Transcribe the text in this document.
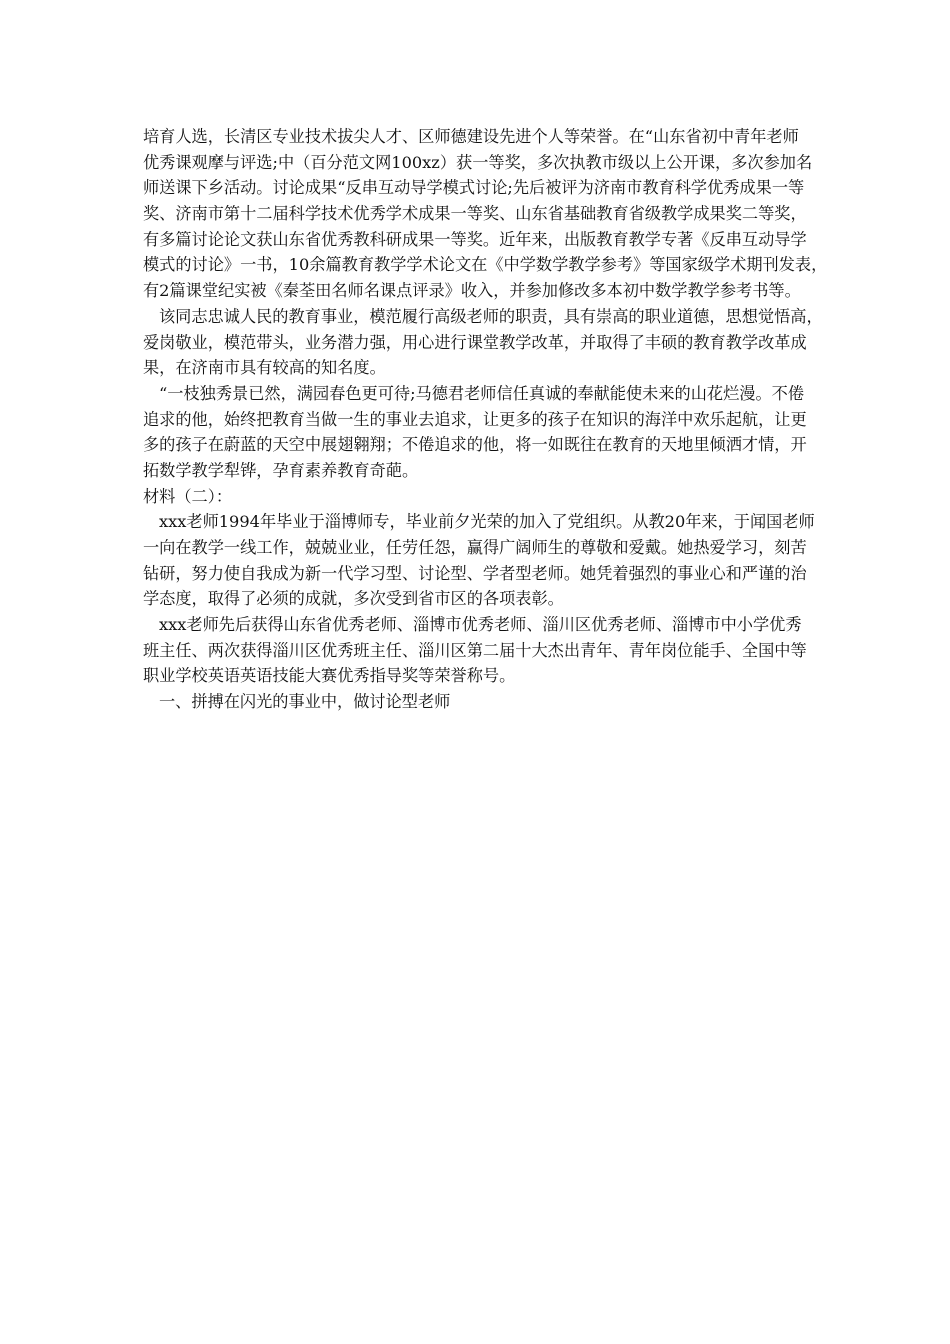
培育人选，长清区专业技术拔尖人才、区师德建设先进个人等荣誉。在“山东省初中青年老师
优秀课观摩与评选;中（百分范文网100xz）获一等奖，多次执教市级以上公开课，多次参加名
师送课下乡活动。讨论成果“反串互动导学模式讨论;先后被评为济南市教育科学优秀成果一等
奖、济南市第十二届科学技术优秀学术成果一等奖、山东省基础教育省级教学成果奖二等奖，
有多篇讨论论文获山东省优秀教科研成果一等奖。近年来，出版教育教学专著《反串互动导学
模式的讨论》一书，10余篇教育教学学术论文在《中学数学教学参考》等国家级学术期刊发表，
有2篇课堂纪实被《秦荃田名师名课点评录》收入，并参加修改多本初中数学教学参考书等。
该同志忠诚人民的教育事业，模范履行高级老师的职责，具有崇高的职业道德，思想觉悟高，
爱岗敬业，模范带头，业务潜力强，用心进行课堂教学改革，并取得了丰硕的教育教学改革成
果，在济南市具有较高的知名度。
“一枝独秀景已然，满园春色更可待;马德君老师信任真诚的奉献能使未来的山花烂漫。不倦
追求的他，始终把教育当做一生的事业去追求，让更多的孩子在知识的海洋中欢乐起航，让更
多的孩子在蔚蓝的天空中展翅翱翔；不倦追求的他，将一如既往在教育的天地里倾洒才情，开
拓数学教学犁铧，孕育素养教育奇葩。
材料（二）：
xxx老师1994年毕业于淄博师专，毕业前夕光荣的加入了党组织。从教20年来，于闻国老师
一向在教学一线工作，兢兢业业，任劳任怨，赢得广阔师生的尊敬和爱戴。她热爱学习，刻苦
钻研，努力使自我成为新一代学习型、讨论型、学者型老师。她凭着强烈的事业心和严谨的治
学态度，取得了必须的成就，多次受到省市区的各项表彰。
xxx老师先后获得山东省优秀老师、淄博市优秀老师、淄川区优秀老师、淄博市中小学优秀
班主任、两次获得淄川区优秀班主任、淄川区第二届十大杰出青年、青年岗位能手、全国中等
职业学校英语英语技能大赛优秀指导奖等荣誉称号。
一、拼搏在闪光的事业中，做讨论型老师
